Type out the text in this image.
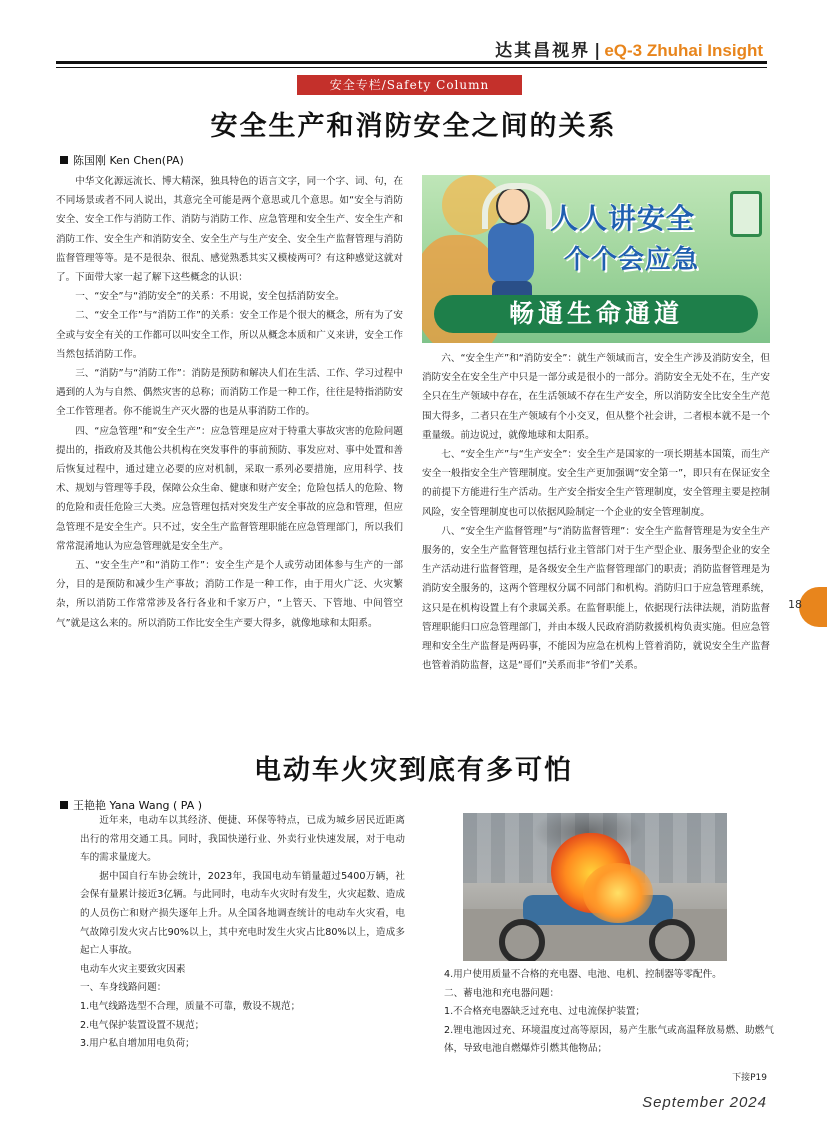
达其昌视界 | eQ-3 Zhuhai Insight
安全专栏/Safety Column
安全生产和消防安全之间的关系
陈国刚 Ken Chen(PA)

中华文化源远流长、博大精深，独具特色的语言文字，同一个字、词、句，在不同场景或者不同人说出，其意完全可能是两个意思或几个意思。如“安全与消防安全、安全工作与消防工作、消防与消防工作、应急管理和安全生产、安全生产和消防工作、安全生产和消防安全、安全生产与生产安全、安全生产监督管理与消防监督管理等等。是不是很杂、很乱、感觉熟悉其实又模棱两可？有这种感觉这就对了。下面带大家一起了解下这些概念的认识：

一、“安全”与“消防安全”的关系：不用说，安全包括消防安全。

二、“安全工作”与“消防工作”的关系：安全工作是个很大的概念，所有为了安全或与安全有关的工作都可以叫安全工作，所以从概念本质和广义来讲，安全工作当然包括消防工作。

三、“消防”与“消防工作”：消防是预防和解决人们在生活、工作、学习过程中遇到的人为与自然、偶然灾害的总称；而消防工作是一种工作，往往是特指消防安全工作管理者。你不能说生产灭火器的也是从事消防工作的。

四、“应急管理”和“安全生产”：应急管理是应对于特重大事故灾害的危险问题提出的，指政府及其他公共机构在突发事件的事前预防、事发应对、事中处置和善后恢复过程中，通过建立必要的应对机制，采取一系列必要措施，应用科学、技术、规划与管理等手段，保障公众生命、健康和财产安全；危险包括人的危险、物的危险和责任危险三大类。应急管理包括对突发生产安全事故的应急和管理，但应急管理不是安全生产。只不过，安全生产监督管理职能在应急管理部门，所以我们常常混淆地认为应急管理就是安全生产。

五、“安全生产”和“消防工作”：安全生产是个人或劳动团体参与生产的一部分，目的是预防和减少生产事故；消防工作是一种工作，由于用火广泛、火灾繁杂，所以消防工作常常涉及各行各业和千家万户，“上管天、下管地、中间管空气”就是这么来的。所以消防工作比安全生产要大得多，就像地球和太阳系。

人人讲安全
个个会应急
畅通生命通道

六、“安全生产”和“消防安全”：就生产领域而言，安全生产涉及消防安全，但消防安全在安全生产中只是一部分或是很小的一部分。消防安全无处不在，生产安全只在生产领域中存在，在生活领域不存在生产安全，所以消防安全比安全生产范围大得多，二者只在生产领域有个小交叉，但从整个社会讲，二者根本就不是一个重量级。前边说过，就像地球和太阳系。

七、“安全生产”与“生产安全”：安全生产是国家的一项长期基本国策，而生产安全一般指安全生产管理制度。安全生产更加强调“安全第一”，即只有在保证安全的前提下方能进行生产活动。生产安全指安全生产管理制度，安全管理主要是控制风险，安全管理制度也可以依据风险制定一个企业的安全管理制度。

八、“安全生产监督管理”与“消防监督管理”：安全生产监督管理是为安全生产服务的，安全生产监督管理包括行业主管部门对于生产型企业、服务型企业的安全生产活动进行监督管理，是各级安全生产监督管理部门的职责；消防监督管理是为消防安全服务的，这两个管理权分属不同部门和机构。消防归口于应急管理系统，这只是在机构设置上有个隶属关系。在监督职能上，依据现行法律法规，消防监督管理职能归口应急管理部门，并由本级人民政府消防救援机构负责实施。但应急管理和安全生产监督是两码事，不能因为应急在机构上管着消防，就说安全生产监督也管着消防监督，这是“哥们”关系而非“爷们”关系。

电动车火灾到底有多可怕
王艳艳 Yana Wang ( PA )

近年来，电动车以其经济、便捷、环保等特点，已成为城乡居民近距离出行的常用交通工具。同时，我国快递行业、外卖行业快速发展，对于电动车的需求量庞大。

据中国自行车协会统计，2023年，我国电动车销量超过5400万辆，社会保有量累计接近3亿辆。与此同时，电动车火灾时有发生，火灾起数、造成的人员伤亡和财产损失逐年上升。从全国各地调查统计的电动车火灾看，电气故障引发火灾占比90%以上，其中充电时发生火灾占比80%以上，造成多起亡人事故。

电动车火灾主要致灾因素

一、车身线路问题：

1.电气线路选型不合理，质量不可靠，敷设不规范；

2.电气保护装置设置不规范；

3.用户私自增加用电负荷；

4.用户使用质量不合格的充电器、电池、电机、控制器等零配件。

二、蓄电池和充电器问题：

1.不合格充电器缺乏过充电、过电流保护装置；

2.锂电池因过充、环境温度过高等原因，易产生胀气或高温释放易燃、助燃气体，导致电池自燃爆炸引燃其他物品；

18
下接P19
September 2024
